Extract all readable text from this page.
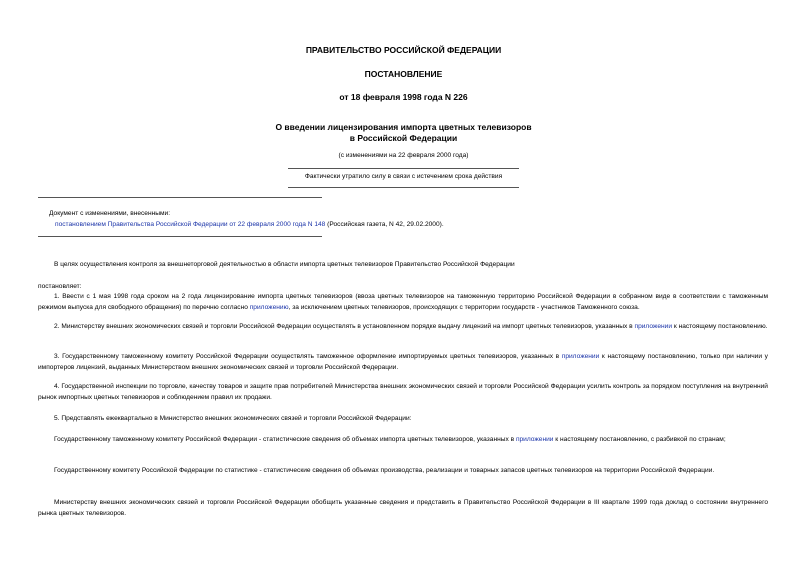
ПРАВИТЕЛЬСТВО РОССИЙСКОЙ ФЕДЕРАЦИИ
ПОСТАНОВЛЕНИЕ
от 18 февраля 1998 года N 226
О введении лицензирования импорта цветных телевизоров
в Российской Федерации
(с изменениями на 22 февраля 2000 года)
Фактически утратило силу в связи с истечением срока действия
Документ с изменениями, внесенными:
постановлением Правительства Российской Федерации от 22 февраля 2000 года N 148 (Российская газета, N 42, 29.02.2000).
В целях осуществления контроля за внешнеторговой деятельностью в области импорта цветных телевизоров Правительство Российской Федерации
постановляет:
1. Ввести с 1 мая 1998 года сроком на 2 года лицензирование импорта цветных телевизоров (ввоза цветных телевизоров на таможенную территорию Российской Федерации в собранном виде в соответствии с таможенным режимом выпуска для свободного обращения) по перечню согласно приложению, за исключением цветных телевизоров, происходящих с территории государств - участников Таможенного союза.
2. Министерству внешних экономических связей и торговли Российской Федерации осуществлять в установленном порядке выдачу лицензий на импорт цветных телевизоров, указанных в приложении к настоящему постановлению.
3. Государственному таможенному комитету Российской Федерации осуществлять таможенное оформление импортируемых цветных телевизоров, указанных в приложении к настоящему постановлению, только при наличии у импортеров лицензий, выданных Министерством внешних экономических связей и торговли Российской Федерации.
4. Государственной инспекции по торговле, качеству товаров и защите прав потребителей Министерства внешних экономических связей и торговли Российской Федерации усилить контроль за порядком поступления на внутренний рынок импортных цветных телевизоров и соблюдением правил их продажи.
5. Представлять ежеквартально в Министерство внешних экономических связей и торговли Российской Федерации:
Государственному таможенному комитету Российской Федерации - статистические сведения об объемах импорта цветных телевизоров, указанных в приложении к настоящему постановлению, с разбивкой по странам;
Государственному комитету Российской Федерации по статистике - статистические сведения об объемах производства, реализации и товарных запасов цветных телевизоров на территории Российской Федерации.
Министерству внешних экономических связей и торговли Российской Федерации обобщить указанные сведения и представить в Правительство Российской Федерации в III квартале 1999 года доклад о состоянии внутреннего рынка цветных телевизоров.
